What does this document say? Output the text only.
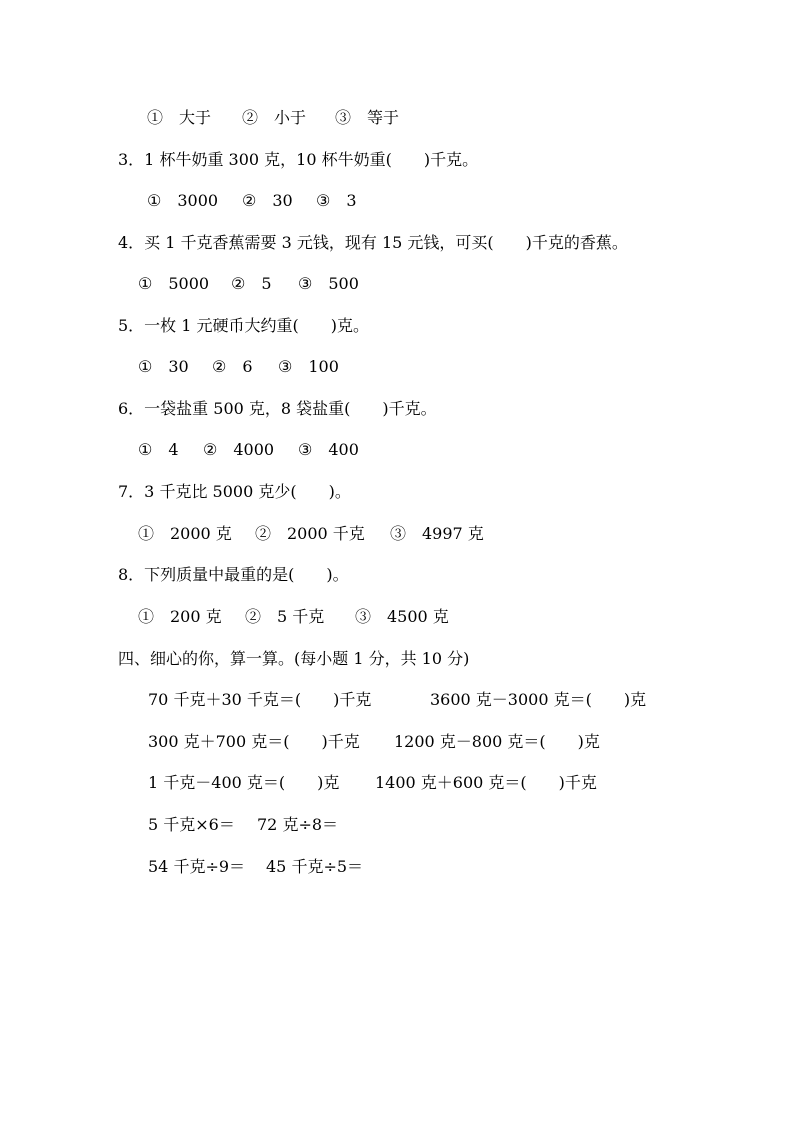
①　大于 ②　小于 ③　等于
3．1 杯牛奶重 300 克，10 杯牛奶重(　　)千克。
①　3000 ②　30 ③　3
4．买 1 千克香蕉需要 3 元钱，现有 15 元钱，可买(　　)千克的香蕉。
①　5000 ②　5 ③　500
5．一枚 1 元硬币大约重(　　)克。
①　30 ②　6 ③　100
6．一袋盐重 500 克，8 袋盐重(　　)千克。
①　4 ②　4000 ③　400
7．3 千克比 5000 克少(　　)。
①　2000 克 ②　2000 千克 ③　4997 克
8．下列质量中最重的是(　　)。
①　200 克 ②　5 千克 ③　4500 克
四、细心的你，算一算。(每小题 1 分，共 10 分)
70 千克＋30 千克＝(　　)千克	3600 克－3000 克＝(　　)克
300 克＋700 克＝(　　)千克 1200 克－800 克＝(　　)克
1 千克－400 克＝(　　)克 1400 克＋600 克＝(　　)千克
5 千克×6＝ 72 克÷8＝
54 千克÷9＝ 45 千克÷5＝
